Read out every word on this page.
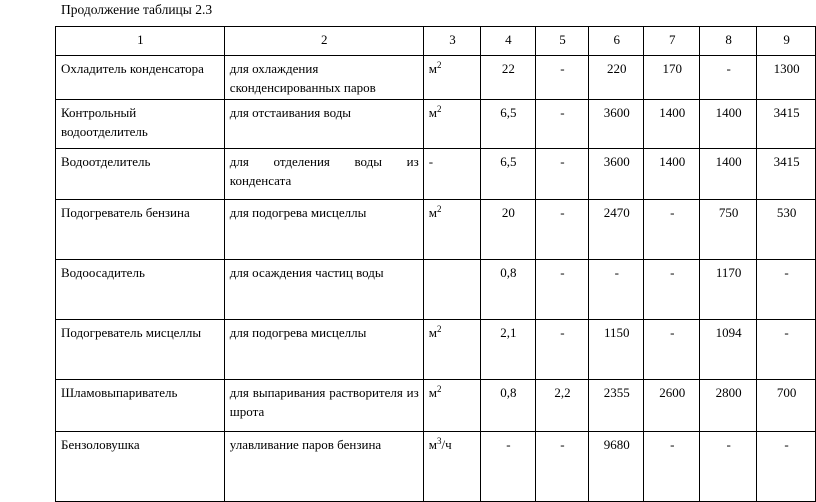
Продолжение таблицы 2.3
1	2	3	4	5	6	7	8	9
Охладитель конденсатора	для охлаждения сконденсированных паров	$м^2$	22	-	220	170	-	1300
Контрольный водоотделитель	для отстаивания воды	$м^2$	6,5	-	3600	1400	1400	3415
Водоотделитель	для отделения воды из конденсата	-	6,5	-	3600	1400	1400	3415
Подогреватель бензина	для подогрева мисцеллы	$м^2$	20	-	2470	-	750	530
Водоосадитель	для осаждения частиц воды		0,8	-	-	-	1170	-
Подогреватель мисцеллы	для подогрева мисцеллы	$м^2$	2,1	-	1150	-	1094	-
Шламовыпариватель	для выпаривания растворителя из шрота	$м^2$	0,8	2,2	2355	2600	2800	700
Бензоловушка	улавливание паров бензина	$м^3/ч$	-	-	9680	-	-	-
